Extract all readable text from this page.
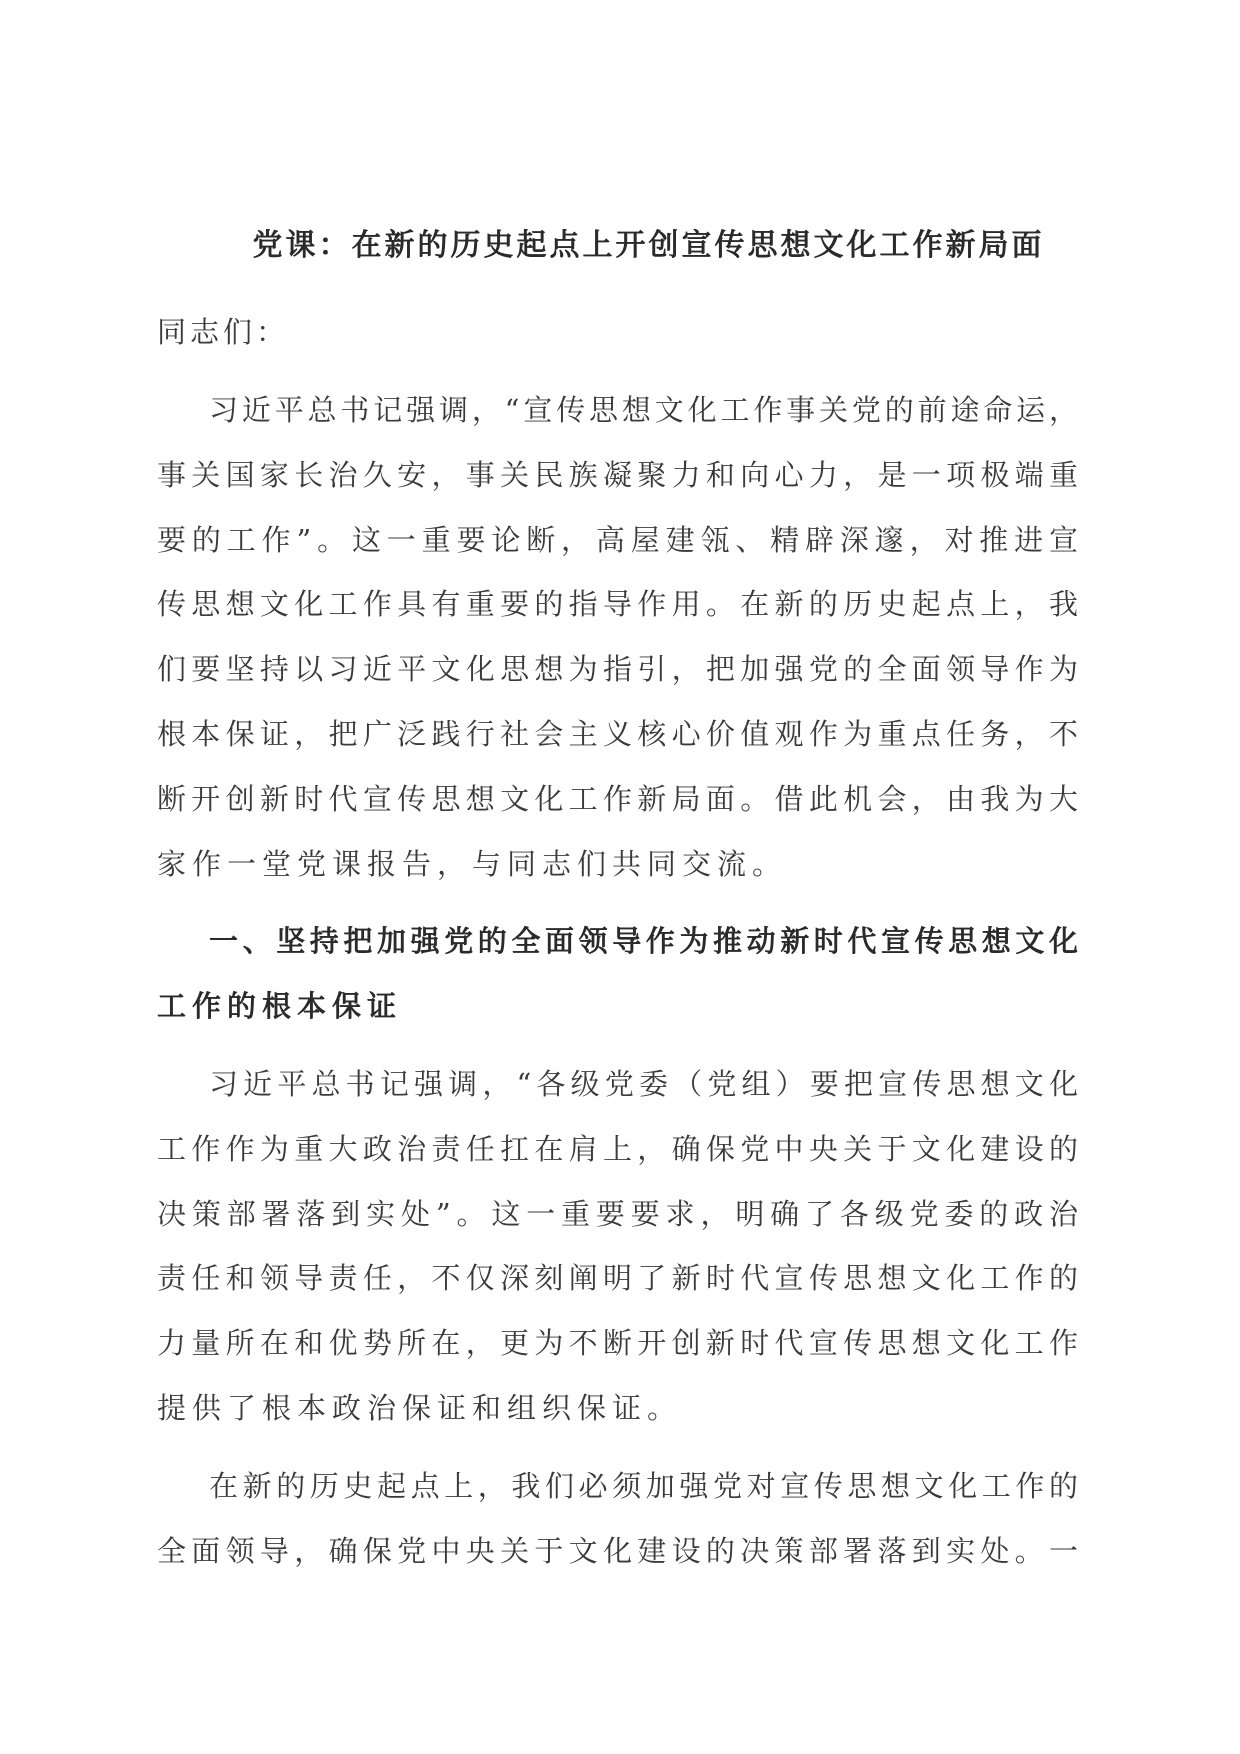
党课：在新的历史起点上开创宣传思想文化工作新局面
同志们：
习近平总书记强调，“宣传思想文化工作事关党的前途命运，
事关国家长治久安，事关民族凝聚力和向心力，是一项极端重
要的工作”。这一重要论断，高屋建瓴、精辟深邃，对推进宣
传思想文化工作具有重要的指导作用。在新的历史起点上，我
们要坚持以习近平文化思想为指引，把加强党的全面领导作为
根本保证，把广泛践行社会主义核心价值观作为重点任务，不
断开创新时代宣传思想文化工作新局面。借此机会，由我为大
家作一堂党课报告，与同志们共同交流。
一、坚持把加强党的全面领导作为推动新时代宣传思想文化
工作的根本保证
习近平总书记强调，“各级党委（党组）要把宣传思想文化
工作作为重大政治责任扛在肩上，确保党中央关于文化建设的
决策部署落到实处”。这一重要要求，明确了各级党委的政治
责任和领导责任，不仅深刻阐明了新时代宣传思想文化工作的
力量所在和优势所在，更为不断开创新时代宣传思想文化工作
提供了根本政治保证和组织保证。
在新的历史起点上，我们必须加强党对宣传思想文化工作的
全面领导，确保党中央关于文化建设的决策部署落到实处。一
